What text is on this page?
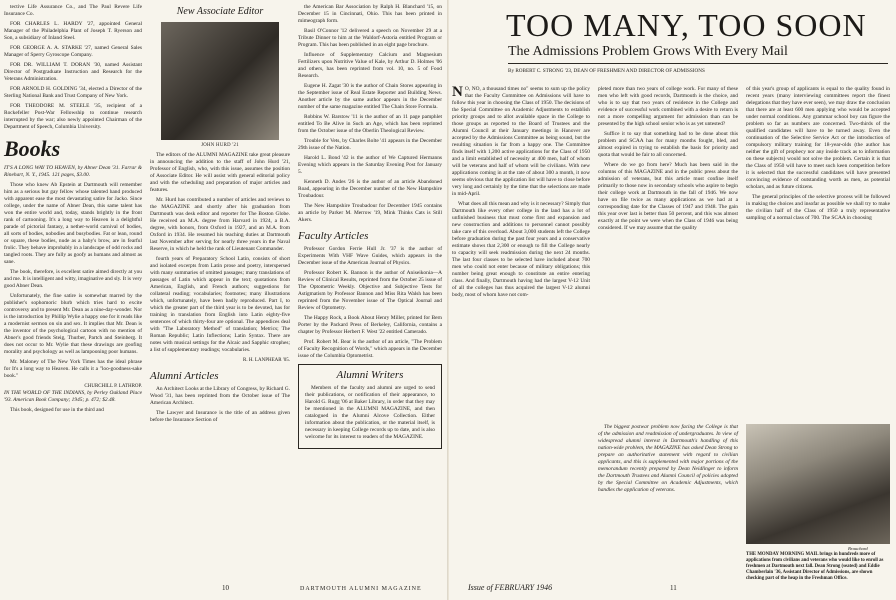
tective Life Assurance Co., and The Paul Revere Life Insurance Co.

FOR CHARLES L. HARDY '27, appointed General Manager of the Philadelphia Plant of Joseph T. Ryerson and Son, a subsidiary of Inland Steel.

FOR GEORGE A. A. STARKE '27, named General Sales Manager of Sperry Gyroscope Company.

FOR DR. WILLIAM T. DORAN '30, named Assistant Director of Postgraduate Instruction and Research for the Veterans Administration.

FOR ARNOLD H. GOLDING '34, elected a Director of the Sterling National Bank and Trust Company of New York.

FOR THEODORE M. STEELE '35, recipient of a Rockefeller Post-War Fellowship to continue research interrupted by the war; also newly appointed Chairman of the Department of Speech, Columbia University.

Books

IT'S A LONG WAY TO HEAVEN, by Abner Dean '31. Farrar & Rinehart, N. Y., 1945. 121 pages, $3.00.

Those who knew Ab Epstein at Dartmouth will remember him as a serious but gay fellow whose talented hand produced with apparent ease the most devastating satire for Jacko. Since college, under the name of Abner Dean, this same talent has won the entire world and, today, stands brightly in the front rank of cartooning. It's a long way to Heaven is a delightful parade of pictorial fantasy, a nether-world carnival of bodies, all sorts of bodies, nobodies and busybodies. Fat or lean, round or square, these bodies, nude as a baby's brow, are in fearful frolic. They behave improbably in a landscape of odd rocks and tangled roots. They are fully as goofy as humans and almost as sane.

The book, therefore, is excellent satire aimed directly at you and me. It is intelligent and witty, imaginative and sly. It is very good Abner Dean.

Unfortunately, the fine satire is somewhat marred by the publisher's sophomoric blurb which tries hard to excite controversy and to present Mr. Dean as a nine-day-wonder. Nor is the introduction by Phillip Wylie a happy one for it reads like a modernist sermon on sin and sex. It implies that Mr. Dean is the inventor of the psychological cartoon with no mention of Abner's good friends Steig, Thurber, Partch and Steinberg. It does not occur to Mr. Wylie that these drawings are goofing morality and psychology as well as lampooning poor humans.

Mr. Maloney of The New York Times has the ideal phrase for It's a long way to Heaven. He calls it a "loo-goodness-sake book."

CHURCHILL P. LATHROP.

IN THE WORLD OF THE INDIANS, by Perley Oakland Place '93. American Book Company; 1945; p. 472; $2.48.

This book, designed for use in the third and

New Associate Editor
JOHN HURD '21

The editors of the ALUMNI MAGAZINE take great pleasure in announcing the addition to the staff of John Hurd '21, Professor of English, who, with this issue, assumes the position of Associate Editor. He will assist with general editorial policy and with the scheduling and preparation of major articles and features.

Mr. Hurd has contributed a number of articles and reviews to the MAGAZINE and shortly after his graduation from Dartmouth was desk editor and reporter for The Boston Globe. He received an M.A. degree from Harvard in 1924, a B.A. degree, with honors, from Oxford in 1927, and an M.A. from Oxford in 1934. He resumed his teaching duties at Dartmouth last November after serving for nearly three years in the Naval Reserve, in which he held the rank of Lieutenant Commander.

fourth years of Preparatory School Latin, consists of short and isolated excerpts from Latin prose and poetry, interspersed with many summaries of omitted passages; many translations of passages of Latin which appear in the text; quotations from American, English, and French authors; suggestions for collateral reading; vocabularies; footnotes; many illustrations which, unfortunately, have been badly reproduced. Part I, to which the greater part of the third year is to be devoted, has for training in translation from English into Latin eighty-five sentences of which thirty-four are optional. The appendices deal with "The Laboratory Method" of translation; Metrics; The Roman Republic; Latin Inflections; Latin Syntax. There are notes with musical settings for the Alcaic and Sapphic strophes; a list of supplementary readings; vocabularies.

R. H. LANPHEAR '05.
Alumni Articles

An Architect Looks at the Library of Congress, by Richard G. Wood '31, has been reprinted from the October issue of The American Architect.

The Lawyer and Insurance is the title of an address given before the Insurance Section of

the American Bar Association by Ralph H. Blanchard '15, on December 15 in Cincinnati, Ohio. This has been printed in mimeograph form.

Basil O'Connor '12 delivered a speech on November 29 at a Tribute Dinner to him at the Waldorf-Astoria entitled Program or Program. This has been published in an eight page brochure.

Influence of Supplementary Calcium and Magnesium Fertilizers upon Nutritive Value of Kale, by Arthur D. Holmes '06 and others, has been reprinted from vol. 10, no. 5 of Food Research.

Eugene H. Zagat '30 is the author of Chain Stores appearing in the September issue of Real Estate Reporter and Building News. Another article by the same author appears in the December number of the same magazine entitled The Chain Store Formula.

Robbins W. Barstow '11 is the author of an 11 page pamphlet entitled To Be Alive in Such an Age, which has been reprinted from the October issue of the Oberlin Theological Review.

Trouble for Vets, by Charles Bolte '41 appears in the December 29th issue of the Nation.

Harold L. Bond '42 is the author of We Captured Hermanns Evening which appears in the Saturday Evening Post for January 5.

Kenneth D. Andes '26 is the author of an article Abandoned Road, appearing in the December number of the New Hampshire Troubadour.

The New Hampshire Troubadour for December 1945 contains an article by Parker M. Merrow '19, Mink Thinks Cats is Still Akers.

Faculty Articles

Professor Gordon Ferrie Hull Jr. '37 is the author of Experiments With VHF Wave Guides, which appears in the December issue of the American Journal of Physics.

Professor Robert K. Bannon is the author of Aniseikonia—A Review of Clinical Results, reprinted from the October 25 issue of The Optometric Weekly. Objective and Subjective Tests for Astigmatism by Professor Bannon and Miss Rita Walsh has been reprinted from the November issue of The Optical Journal and Review of Optometry.

The Happy Rock, a Book About Henry Miller, printed for Bern Porter by the Packard Press of Berkeley, California, contains a chapter by Professor Herbert F. West '22 entitled Camerado.

Prof. Robert M. Bear is the author of an article, "The Problem of Faculty Recognition of Words," which appears in the December issue of the Columbia Optometrist.

Alumni Writers

Members of the faculty and alumni are urged to send their publications, or notification of their appearance, to Harold G. Rugg '06 at Baker Library, in order that they may be mentioned in the ALUMNI MAGAZINE, and then catalogued in the Alumni Alcove Collection. Either information about the publication, or the material itself, is necessary in keeping College records up to date, and is also welcome for its interest to readers of the MAGAZINE.

10	DARTMOUTH ALUMNI MAGAZINE
TOO MANY, TOO SOON
The Admissions Problem Grows With Every Mail
By ROBERT C. STRONG '23, DEAN OF FRESHMEN AND DIRECTOR OF ADMISSIONS

N O, NO, a thousand times no" seems to sum up the policy that the Faculty Committee on Admissions will have to follow this year in choosing the Class of 1950. The decisions of the Special Committee on Academic Adjustments to establish priority groups and to allot available space in the College to those groups as reported to the Board of Trustees and the Alumni Council at their January meetings in Hanover are accepted by the Admissions Committee as being sound, but the resulting situation is far from a happy one. The Committee finds itself with 1,200 active applications for the Class of 1950 and a limit established of necessity at 400 men, half of whom will be veterans and half of whom will be civilians. With new applications coming in at the rate of about 300 a month, it now seems obvious that the application list will have to close before very long and certainly by the time that the selections are made in mid-April.

What does all this mean and why is it necessary? Simply that Dartmouth like every other college in the land has a lot of unfinished business that must come first and expansion and new construction and additions to personnel cannot possibly take care of this overload. About 3,000 students left the College before graduation during the past four years and a conservative estimate shows that 2,300 or enough to fill the College nearly to capacity will seek readmission during the next 24 months. The last four classes to be selected have included about 700 men who could not enter because of military obligations; this number being great enough to constitute an entire entering class. And finally, Dartmouth having had the largest V-12 Unit of all the colleges has thus acquired the largest V-12 alumni body, most of whom have not com-

pleted more than two years of college work. For many of these men who left with good records, Dartmouth is the choice, and who is to say that two years of residence in the College and evidence of successful work combined with a desire to return is not a more compelling argument for admission than can be presented by the high school senior who is as yet untested?

Suffice it to say that something had to be done about this problem and SCAA has for many months fought, bled, and almost expired in trying to establish the basis for priority and quota that would be fair to all concerned.

Where do we go from here? Much has been said in the columns of this MAGAZINE and in the public press about the admission of veterans, but this article must confine itself primarily to those now in secondary schools who aspire to begin their college work at Dartmouth in the fall of 1946. We now have on file twice as many applications as we had at a corresponding date for the Classes of 1947 and 1948. The gain this year over last is better than 50 percent, and this was almost exactly at the point we were when the Class of 1946 was being considered. If we may assume that the quality

of this year's group of applicants is equal to the quality found in recent years (many interviewing committees report the finest delegations that they have ever seen), we may draw the conclusion that there are at least 600 men applying who would be accepted under normal conditions. Any grammar school boy can figure the problem so far as numbers are concerned. Two-thirds of the qualified candidates will have to be turned away. Even the continuation of the Selective Service Act or the introduction of compulsory military training for 18-year-olds (the author has neither the gift of prophecy nor any inside track as to information on these subjects) would not solve the problem. Certain it is that the Class of 1950 will have to meet such keen competition before it is selected that the successful candidates will have presented convincing evidence of outstanding worth as men, as potential scholars, and as future citizens.

The general principles of the selective process will be followed in making the choices and insofar as possible we shall try to make the civilian half of the Class of 1950 a truly representative sampling of a normal class of 700. The SCAA in choosing

The biggest postwar problem now facing the College is that of the admission and readmission of undergraduates. In view of widespread alumni interest in Dartmouth's handling of this nation-wide problem, the MAGAZINE has asked Dean Strong to prepare an authoritative statement with regard to civilian applicants, and this is supplemented with major portions of the memorandum recently prepared by Dean Neidlinger to inform the Dartmouth Trustees and Alumni Council of policies adopted by the Special Committee on Academic Adjustments, which handles the application of veterans.

Brauchard
THE MONDAY MORNING MAIL brings in hundreds more of applications from civilians and veterans who would like to enroll as freshmen at Dartmouth next fall. Dean Strong (seated) and Eddie Chamberlain '36, Assistant Director of Admissions, are shown checking part of the heap in the Freshman Office.
Issue of FEBRUARY 1946	11
